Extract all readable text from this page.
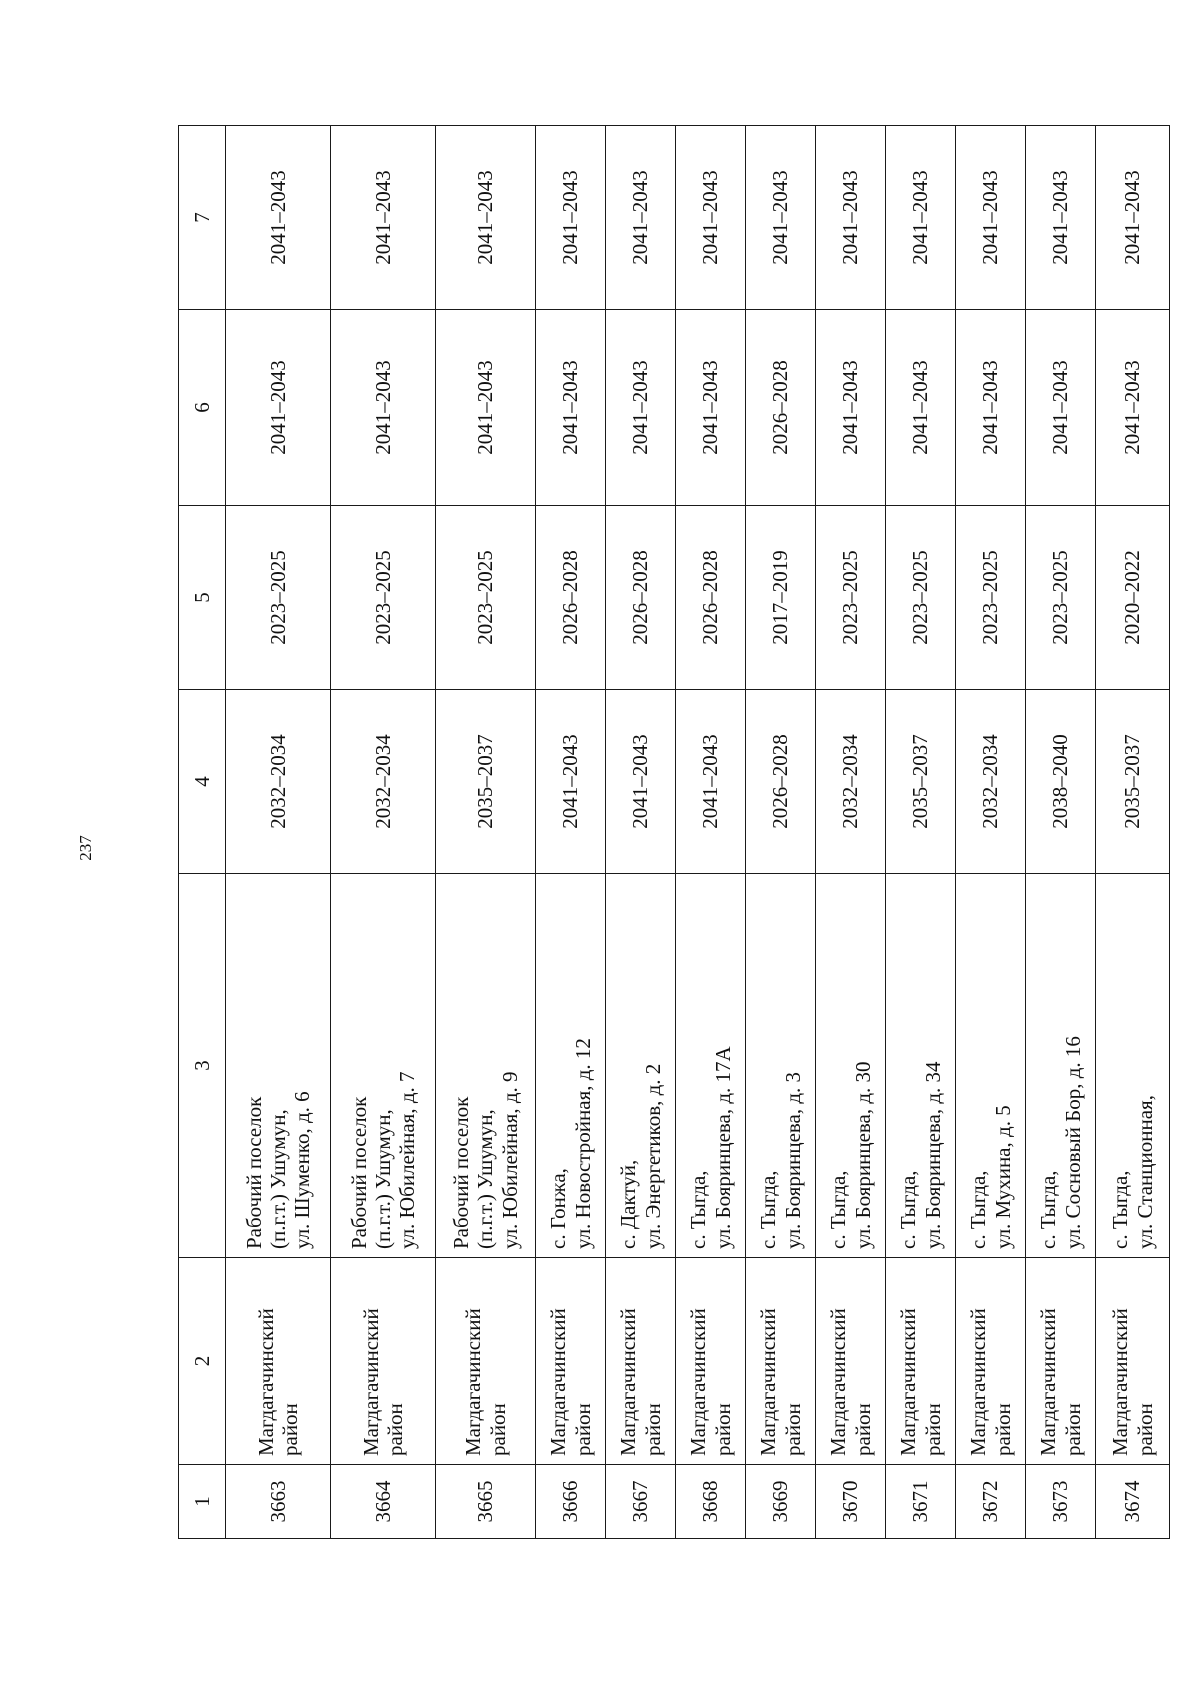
237
1	2	3	4	5	6	7
3663	Магдагачинский район	Рабочий поселок (п.г.т.) Ушумун, ул. Шуменко, д. 6	2032–2034	2023–2025	2041–2043	2041–2043
3664	Магдагачинский район	Рабочий поселок (п.г.т.) Ушумун, ул. Юбилейная, д. 7	2032–2034	2023–2025	2041–2043	2041–2043
3665	Магдагачинский район	Рабочий поселок (п.г.т.) Ушумун, ул. Юбилейная, д. 9	2035–2037	2023–2025	2041–2043	2041–2043
3666	Магдагачинский район	с. Гонжа, ул. Новостройная, д. 12	2041–2043	2026–2028	2041–2043	2041–2043
3667	Магдагачинский район	с. Дактуй, ул. Энергетиков, д. 2	2041–2043	2026–2028	2041–2043	2041–2043
3668	Магдагачинский район	с. Тыгда, ул. Бояринцева, д. 17А	2041–2043	2026–2028	2041–2043	2041–2043
3669	Магдагачинский район	с. Тыгда, ул. Бояринцева, д. 3	2026–2028	2017–2019	2026–2028	2041–2043
3670	Магдагачинский район	с. Тыгда, ул. Бояринцева, д. 30	2032–2034	2023–2025	2041–2043	2041–2043
3671	Магдагачинский район	с. Тыгда, ул. Бояринцева, д. 34	2035–2037	2023–2025	2041–2043	2041–2043
3672	Магдагачинский район	с. Тыгда, ул. Мухина, д. 5	2032–2034	2023–2025	2041–2043	2041–2043
3673	Магдагачинский район	с. Тыгда, ул. Сосновый Бор, д. 16	2038–2040	2023–2025	2041–2043	2041–2043
3674	Магдагачинский район	с. Тыгда, ул. Станционная,	2035–2037	2020–2022	2041–2043	2041–2043
